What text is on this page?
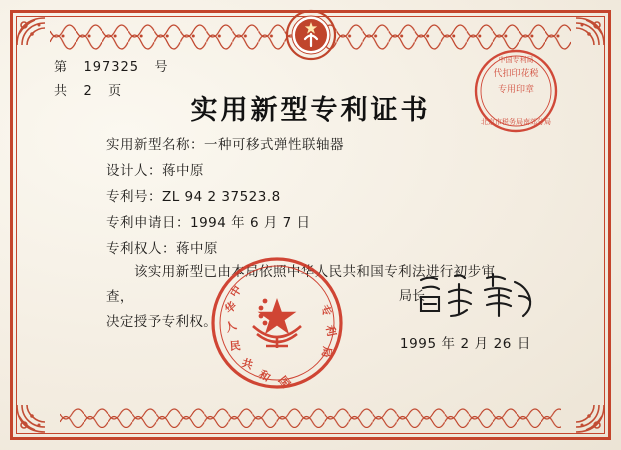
第 197325 号
共 2 页
实用新型专利证书
实用新型名称：一种可移式弹性联轴器
设计人：蒋中原
专利号：ZL 94 2 37523.8
专利申请日：1994 年 6 月 7 日
专利权人：蒋中原
该实用新型已由本局依照中华人民共和国专利法进行初步审查，
决定授予专利权。
局长
1995 年 2 月 26 日
代扣印花税
专用印章
中国专利局
北京市税务局南郊分局
中
华
人
民
共
和 国
专
利
局
